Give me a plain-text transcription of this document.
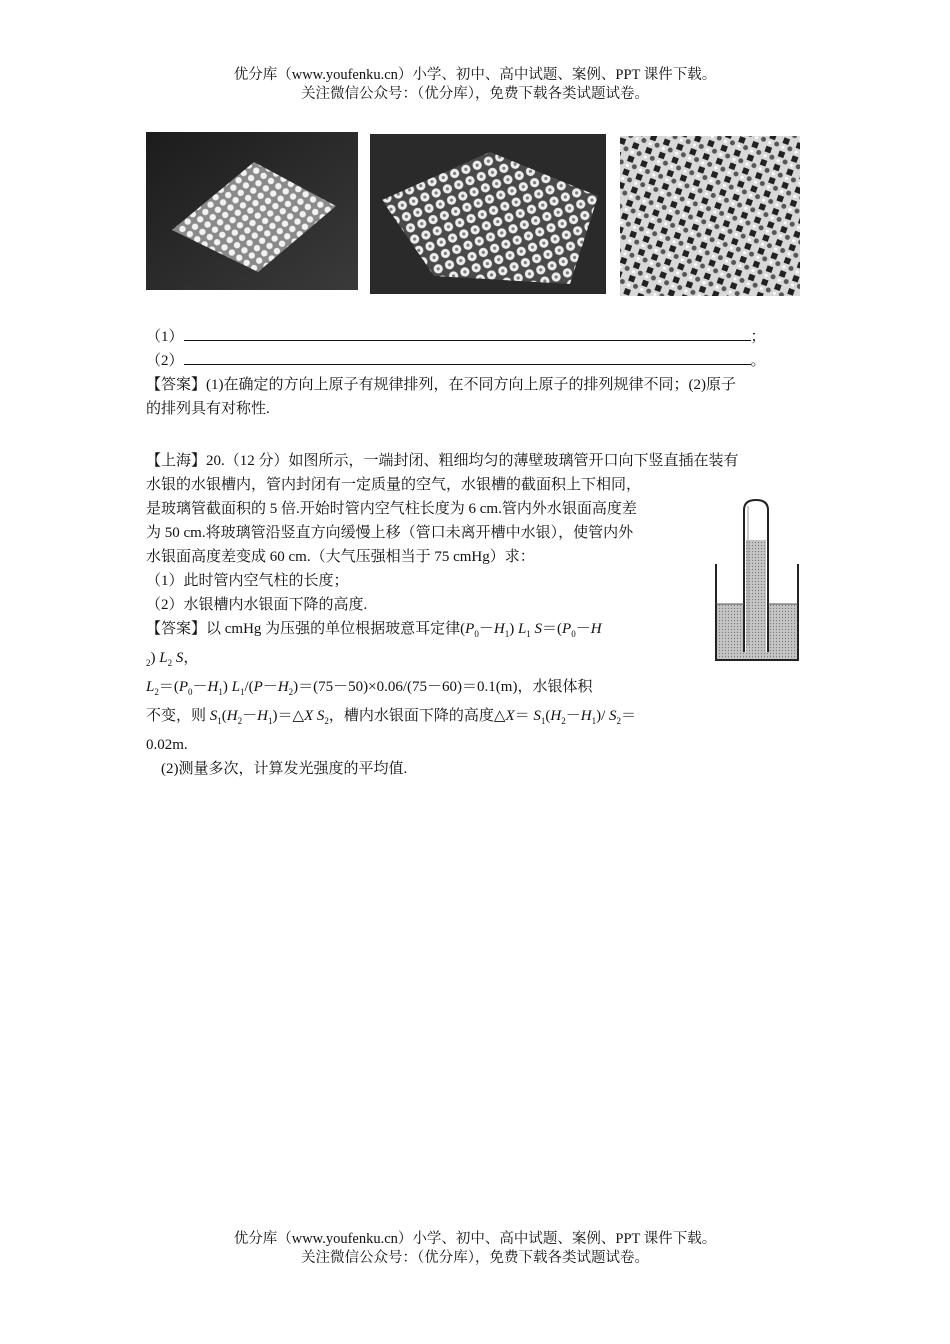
优分库（www.youfenku.cn）小学、初中、高中试题、案例、PPT 课件下载。
关注微信公众号：（优分库），免费下载各类试题试卷。
（1）	；
（2）	。
【答案】(1)在确定的方向上原子有规律排列，在不同方向上原子的排列规律不同；(2)原子
的排列具有对称性.
【上海】20.（12 分）如图所示，一端封闭、粗细均匀的薄壁玻璃管开口向下竖直插在装有
水银的水银槽内，管内封闭有一定质量的空气，水银槽的截面积上下相同，
是玻璃管截面积的 5 倍.开始时管内空气柱长度为 6 cm.管内外水银面高度差
为 50 cm.将玻璃管沿竖直方向缓慢上移（管口未离开槽中水银），使管内外
水银面高度差变成 60 cm.（大气压强相当于 75 cmHg）求：
（1）此时管内空气柱的长度；
（2）水银槽内水银面下降的高度.
【答案】以 cmHg 为压强的单位根据玻意耳定律$(P_0-H_1)$ $L_1$ $S=(P_0-H$
$_2$) $L_2$ S，
$L_2=(P_0-H_1)$ $L_1/(P-H_2)=(75-50)\times 0.06/(75-60)=0.1(m)$，水银体积
不变，则 $S_1(H_2-H_1)=\triangle X$ $S_2$，槽内水银面下降的高度△X＝ $S_1(H_2-H_1)/$ $S_2=$
0.02m.
(2)测量多次，计算发光强度的平均值.
优分库（www.youfenku.cn）小学、初中、高中试题、案例、PPT 课件下载。
关注微信公众号：（优分库），免费下载各类试题试卷。
